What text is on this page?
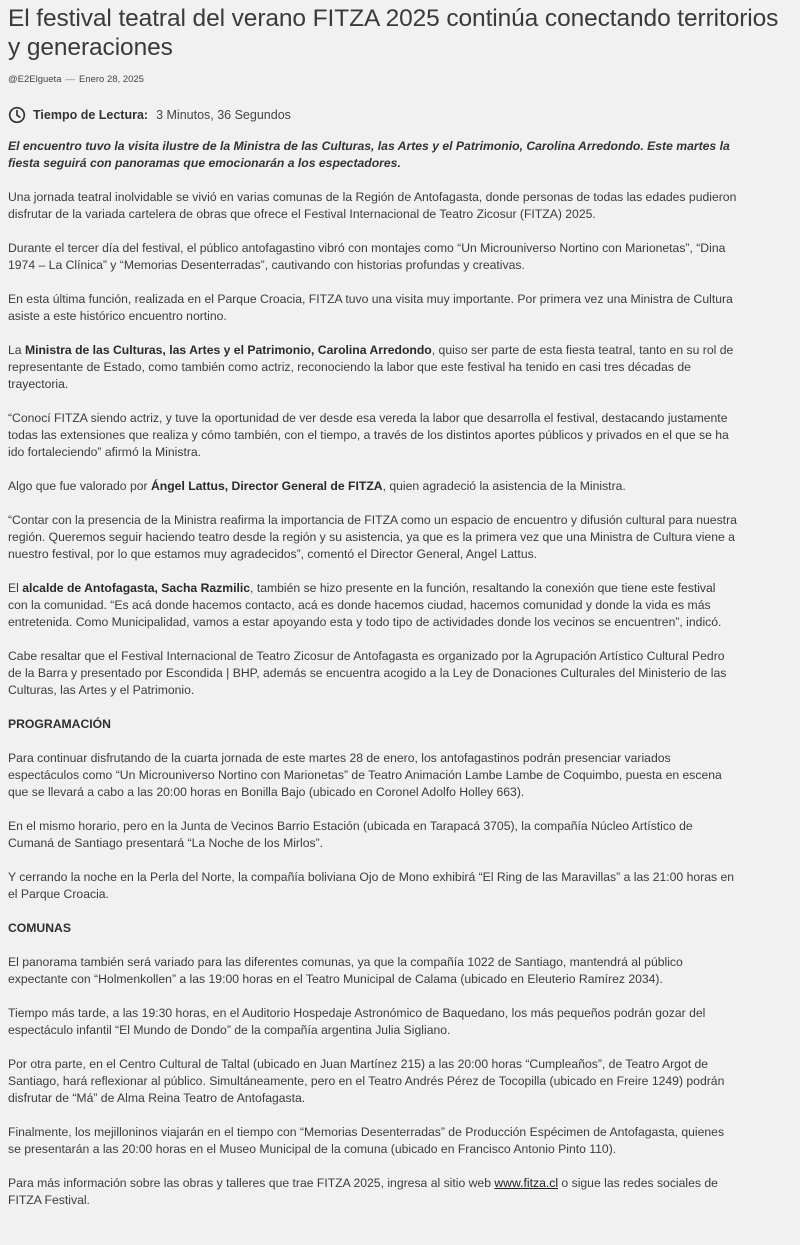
El festival teatral del verano FITZA 2025 continúa conectando territorios y generaciones
@E2Elgueta — Enero 28, 2025
Tiempo de Lectura: 3 Minutos, 36 Segundos

El encuentro tuvo la visita ilustre de la Ministra de las Culturas, las Artes y el Patrimonio, Carolina Arredondo. Este martes la fiesta seguirá con panoramas que emocionarán a los espectadores.

Una jornada teatral inolvidable se vivió en varias comunas de la Región de Antofagasta, donde personas de todas las edades pudieron disfrutar de la variada cartelera de obras que ofrece el Festival Internacional de Teatro Zicosur (FITZA) 2025.

Durante el tercer día del festival, el público antofagastino vibró con montajes como “Un Microuniverso Nortino con Marionetas”, “Dina 1974 – La Clínica” y “Memorias Desenterradas”, cautivando con historias profundas y creativas.

En esta última función, realizada en el Parque Croacia, FITZA tuvo una visita muy importante. Por primera vez una Ministra de Cultura asiste a este histórico encuentro nortino.

La Ministra de las Culturas, las Artes y el Patrimonio, Carolina Arredondo, quiso ser parte de esta fiesta teatral, tanto en su rol de representante de Estado, como también como actriz, reconociendo la labor que este festival ha tenido en casi tres décadas de trayectoria.

“Conocí FITZA siendo actriz, y tuve la oportunidad de ver desde esa vereda la labor que desarrolla el festival, destacando justamente todas las extensiones que realiza y cómo también, con el tiempo, a través de los distintos aportes públicos y privados en el que se ha ido fortaleciendo” afirmó la Ministra.

Algo que fue valorado por Ángel Lattus, Director General de FITZA, quien agradeció la asistencia de la Ministra.

“Contar con la presencia de la Ministra reafirma la importancia de FITZA como un espacio de encuentro y difusión cultural para nuestra región. Queremos seguir haciendo teatro desde la región y su asistencia, ya que es la primera vez que una Ministra de Cultura viene a nuestro festival, por lo que estamos muy agradecidos”, comentó el Director General, Angel Lattus.

El alcalde de Antofagasta, Sacha Razmilic, también se hizo presente en la función, resaltando la conexión que tiene este festival con la comunidad. “Es acá donde hacemos contacto, acá es donde hacemos ciudad, hacemos comunidad y donde la vida es más entretenida. Como Municipalidad, vamos a estar apoyando esta y todo tipo de actividades donde los vecinos se encuentren”, indicó.

Cabe resaltar que el Festival Internacional de Teatro Zicosur de Antofagasta es organizado por la Agrupación Artístico Cultural Pedro de la Barra y presentado por Escondida | BHP, además se encuentra acogido a la Ley de Donaciones Culturales del Ministerio de las Culturas, las Artes y el Patrimonio.

PROGRAMACIÓN

Para continuar disfrutando de la cuarta jornada de este martes 28 de enero, los antofagastinos podrán presenciar variados espectáculos como “Un Microuniverso Nortino con Marionetas” de Teatro Animación Lambe Lambe de Coquimbo, puesta en escena que se llevará a cabo a las 20:00 horas en Bonilla Bajo (ubicado en Coronel Adolfo Holley 663).

En el mismo horario, pero en la Junta de Vecinos Barrio Estación (ubicada en Tarapacá 3705), la compañía Núcleo Artístico de Cumaná de Santiago presentará “La Noche de los Mirlos”.

Y cerrando la noche en la Perla del Norte, la compañía boliviana Ojo de Mono exhibirá “El Ring de las Maravillas” a las 21:00 horas en el Parque Croacia.

COMUNAS

El panorama también será variado para las diferentes comunas, ya que la compañía 1022 de Santiago, mantendrá al público expectante con “Holmenkollen” a las 19:00 horas en el Teatro Municipal de Calama (ubicado en Eleuterio Ramírez 2034).

Tiempo más tarde, a las 19:30 horas, en el Auditorio Hospedaje Astronómico de Baquedano, los más pequeños podrán gozar del espectáculo infantil “El Mundo de Dondo” de la compañía argentina Julia Sigliano.

Por otra parte, en el Centro Cultural de Taltal (ubicado en Juan Martínez 215) a las 20:00 horas “Cumpleaños”, de Teatro Argot de Santiago, hará reflexionar al público. Simultáneamente, pero en el Teatro Andrés Pérez de Tocopilla (ubicado en Freire 1249) podrán disfrutar de “Má” de Alma Reina Teatro de Antofagasta.

Finalmente, los mejilloninos viajarán en el tiempo con “Memorias Desenterradas” de Producción Espécimen de Antofagasta, quienes se presentarán a las 20:00 horas en el Museo Municipal de la comuna (ubicado en Francisco Antonio Pinto 110).

Para más información sobre las obras y talleres que trae FITZA 2025, ingresa al sitio web www.fitza.cl o sigue las redes sociales de FITZA Festival.
